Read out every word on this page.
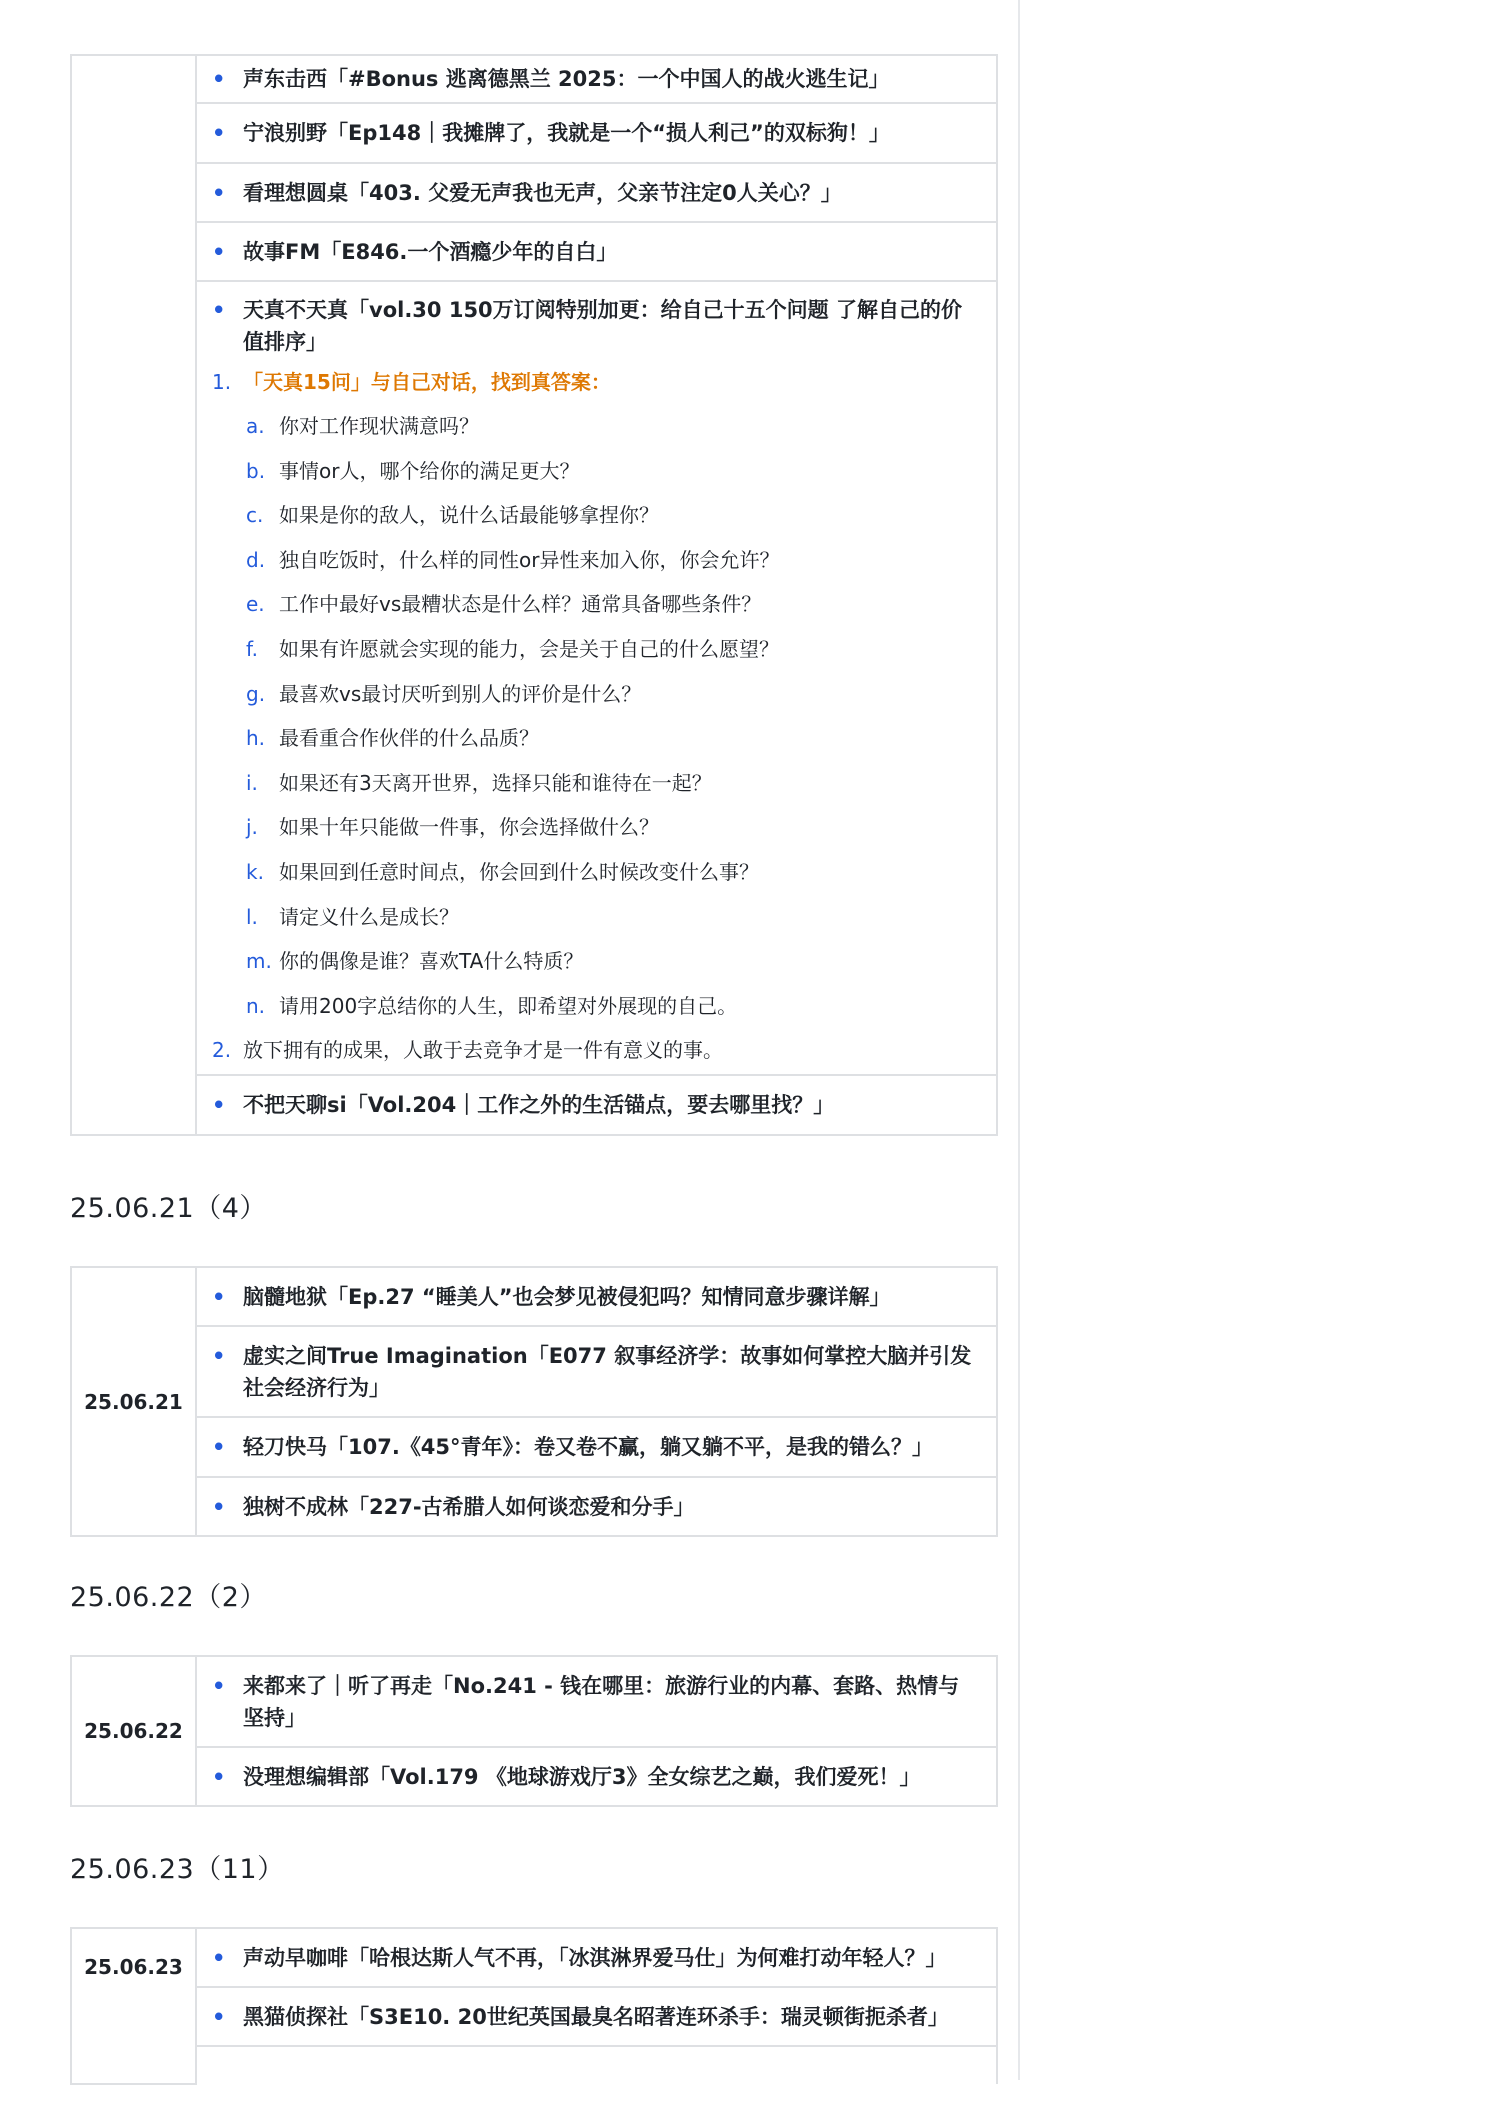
• 声东击西「#Bonus 逃离德黑兰 2025：一个中国人的战火逃生记」

• 宁浪别野「Ep148｜我摊牌了，我就是一个“损人利己”的双标狗！」

• 看理想圆桌「403. 父爱无声我也无声，父亲节注定0人关心？」

• 故事FM「E846.一个酒瘾少年的自白」

• 天真不天真「vol.30 150万订阅特别加更：给自己十五个问题 了解自己的价值排序」
1. 「天真15问」与自己对话，找到真答案：
a. 你对工作现状满意吗？
b. 事情or人，哪个给你的满足更大？
c. 如果是你的敌人，说什么话最能够拿捏你？
d. 独自吃饭时，什么样的同性or异性来加入你，你会允许？
e. 工作中最好vs最糟状态是什么样？通常具备哪些条件？
f. 如果有许愿就会实现的能力，会是关于自己的什么愿望？
g. 最喜欢vs最讨厌听到别人的评价是什么？
h. 最看重合作伙伴的什么品质？
i. 如果还有3天离开世界，选择只能和谁待在一起？
j. 如果十年只能做一件事，你会选择做什么？
k. 如果回到任意时间点，你会回到什么时候改变什么事？
l. 请定义什么是成长？
m. 你的偶像是谁？喜欢TA什么特质？
n. 请用200字总结你的人生，即希望对外展现的自己。
2. 放下拥有的成果，人敢于去竞争才是一件有意义的事。

• 不把天聊si「Vol.204｜工作之外的生活锚点，要去哪里找？」
25.06.21（4）
25.06.21	
• 脑髓地狱「Ep.27 “睡美人”也会梦见被侵犯吗？知情同意步骤详解」

• 虚实之间True Imagination「E077 叙事经济学：故事如何掌控大脑并引发社会经济行为」

• 轻刀快马「107.《45°青年》：卷又卷不赢，躺又躺不平，是我的错么？」

• 独树不成林「227-古希腊人如何谈恋爱和分手」
25.06.22（2）
25.06.22	
• 来都来了｜听了再走「No.241 - 钱在哪里：旅游行业的内幕、套路、热情与坚持」

• 没理想编辑部「Vol.179 《地球游戏厅3》全女综艺之巅，我们爱死！」
25.06.23（11）
25.06.23	• 声动早咖啡「哈根达斯人气不再，「冰淇淋界爱马仕」为何难打动年轻人？」

• 黑猫侦探社「S3E10. 20世纪英国最臭名昭著连环杀手：瑞灵顿街扼杀者」
